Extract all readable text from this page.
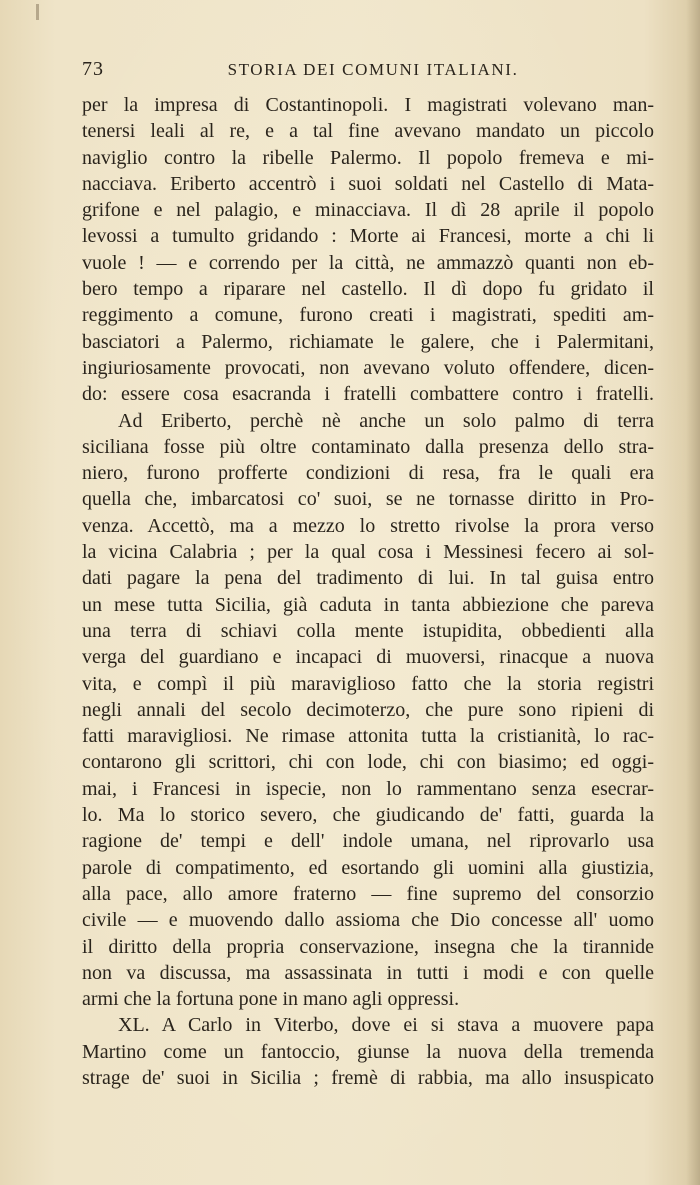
73	STORIA DEI COMUNI ITALIANI.
per la impresa di Costantinopoli. I magistrati volevano man-
tenersi leali al re, e a tal fine avevano mandato un piccolo
naviglio contro la ribelle Palermo. Il popolo fremeva e mi-
nacciava. Eriberto accentrò i suoi soldati nel Castello di Mata-
grifone e nel palagio, e minacciava. Il dì 28 aprile il popolo
levossi a tumulto gridando : Morte ai Francesi, morte a chi li
vuole ! — e correndo per la città, ne ammazzò quanti non eb-
bero tempo a riparare nel castello. Il dì dopo fu gridato il
reggimento a comune, furono creati i magistrati, spediti am-
basciatori a Palermo, richiamate le galere, che i Palermitani,
ingiuriosamente provocati, non avevano voluto offendere, dicen-
do: essere cosa esacranda i fratelli combattere contro i fratelli.
Ad Eriberto, perchè nè anche un solo palmo di terra
siciliana fosse più oltre contaminato dalla presenza dello stra-
niero, furono profferte condizioni di resa, fra le quali era
quella che, imbarcatosi co' suoi, se ne tornasse diritto in Pro-
venza. Accettò, ma a mezzo lo stretto rivolse la prora verso
la vicina Calabria ; per la qual cosa i Messinesi fecero ai sol-
dati pagare la pena del tradimento di lui. In tal guisa entro
un mese tutta Sicilia, già caduta in tanta abbiezione che pareva
una terra di schiavi colla mente istupidita, obbedienti alla
verga del guardiano e incapaci di muoversi, rinacque a nuova
vita, e compì il più maraviglioso fatto che la storia registri
negli annali del secolo decimoterzo, che pure sono ripieni di
fatti maravigliosi. Ne rimase attonita tutta la cristianità, lo rac-
contarono gli scrittori, chi con lode, chi con biasimo; ed oggi-
mai, i Francesi in ispecie, non lo rammentano senza esecrar-
lo. Ma lo storico severo, che giudicando de' fatti, guarda la
ragione de' tempi e dell' indole umana, nel riprovarlo usa
parole di compatimento, ed esortando gli uomini alla giustizia,
alla pace, allo amore fraterno — fine supremo del consorzio
civile — e muovendo dallo assioma che Dio concesse all' uomo
il diritto della propria conservazione, insegna che la tirannide
non va discussa, ma assassinata in tutti i modi e con quelle
armi che la fortuna pone in mano agli oppressi.
XL. A Carlo in Viterbo, dove ei si stava a muovere papa
Martino come un fantoccio, giunse la nuova della tremenda
strage de' suoi in Sicilia ; fremè di rabbia, ma allo insuspicato
